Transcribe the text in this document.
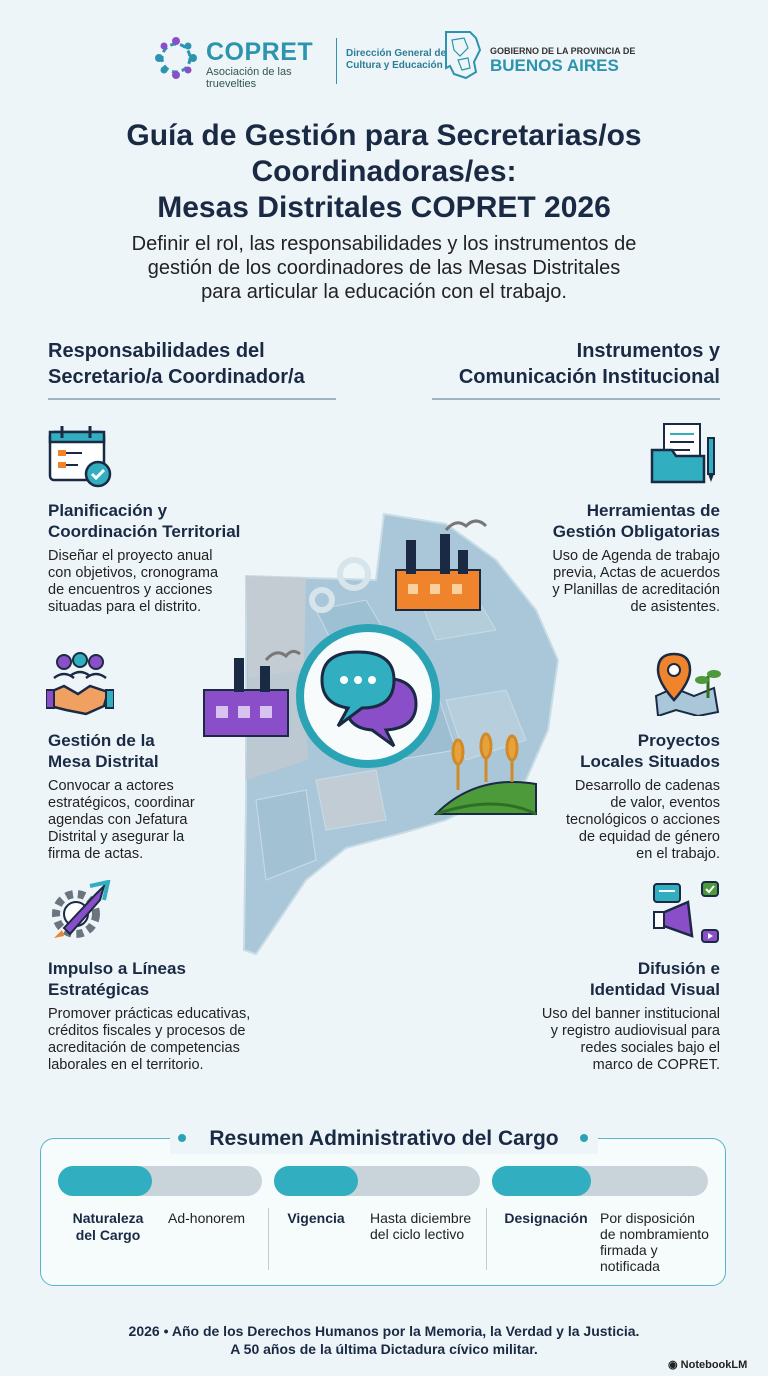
COPRET
Asociación de las truevelties
Dirección General de
Cultura y Educación
GOBIERNO DE LA PROVINCIA DE
BUENOS AIRES
Guía de Gestión para Secretarias/os
Coordinadoras/es:
Mesas Distritales COPRET 2026
Definir el rol, las responsabilidades y los instrumentos de
gestión de los coordinadores de las Mesas Distritales
para articular la educación con el trabajo.
Responsabilidades del
Secretario/a Coordinador/a
Instrumentos y
Comunicación Institucional
Planificación y
Coordinación Territorial
Diseñar el proyecto anual
con objetivos, cronograma
de encuentros y acciones
situadas para el distrito.
Gestión de la
Mesa Distrital
Convocar a actores
estratégicos, coordinar
agendas con Jefatura
Distrital y asegurar la
firma de actas.
Impulso a Líneas
Estratégicas
Promover prácticas educativas,
créditos fiscales y procesos de
acreditación de competencias
laborales en el territorio.
Herramientas de
Gestión Obligatorias
Uso de Agenda de trabajo
previa, Actas de acuerdos
y Planillas de acreditación
de asistentes.
Proyectos
Locales Situados
Desarrollo de cadenas
de valor, eventos
tecnológicos o acciones
de equidad de género
en el trabajo.
Difusión e
Identidad Visual
Uso del banner institucional
y registro audiovisual para
redes sociales bajo el
marco de COPRET.
Resumen Administrativo del Cargo
Naturaleza
del Cargo
Ad-honorem	Vigencia	Hasta diciembre
del ciclo lectivo
Designación Por disposición
de nombramiento
firmada y
notificada
2026 • Año de los Derechos Humanos por la Memoria, la Verdad y la Justicia.
A 50 años de la última Dictadura cívico militar.
◉ NotebookLM
